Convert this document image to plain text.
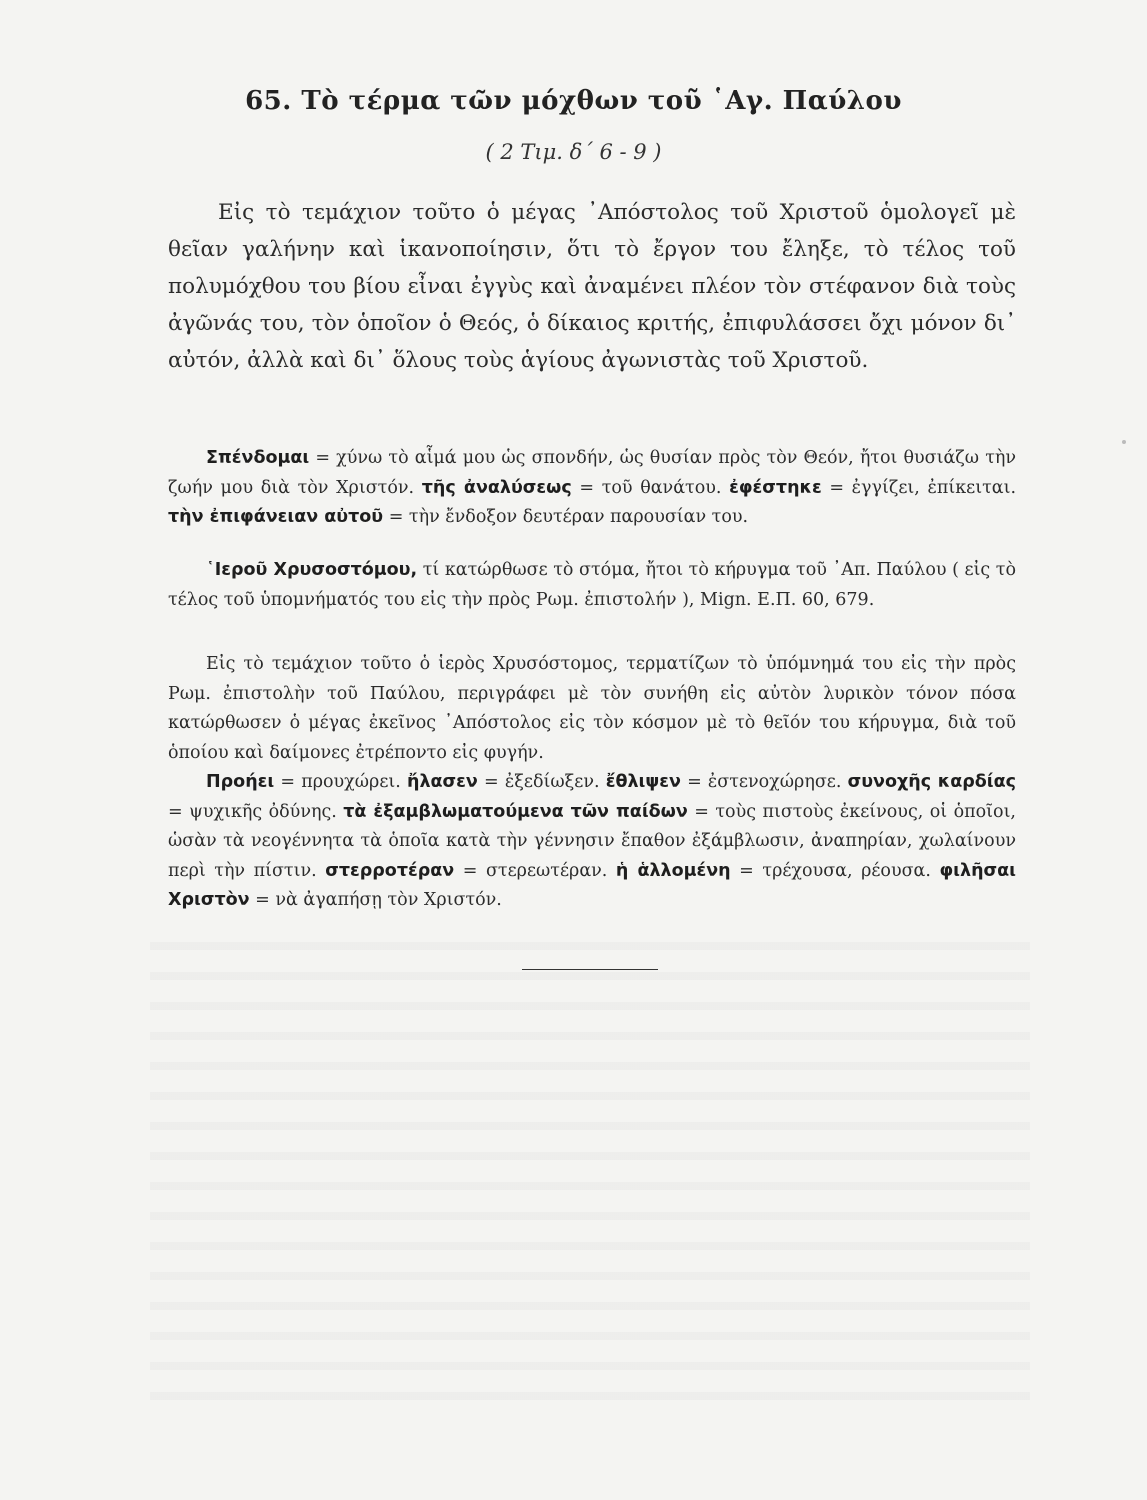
65. Τὸ τέρμα τῶν μόχθων τοῦ ῾Αγ. Παύλου
( 2 Τιμ. δ΄ 6 - 9 )

Εἰς τὸ τεμάχιον τοῦτο ὁ μέγας ᾿Απόστολος τοῦ Χριστοῦ ὁμολογεῖ μὲ θεῖαν γαλήνην καὶ ἱκανοποίησιν, ὅτι τὸ ἔργον του ἔληξε, τὸ τέλος τοῦ πολυμόχθου του βίου εἶναι ἐγγὺς καὶ ἀναμένει πλέον τὸν στέφανον διὰ τοὺς ἀγῶνάς του, τὸν ὁποῖον ὁ Θεός, ὁ δίκαιος κριτής, ἐπιφυλάσσει ὄχι μόνον δι᾿ αὐτόν, ἀλλὰ καὶ δι᾿ ὅλους τοὺς ἁγίους ἀγωνιστὰς τοῦ Χριστοῦ.

Σπένδομαι = χύνω τὸ αἷμά μου ὡς σπονδήν, ὡς θυσίαν πρὸς τὸν Θεόν, ἤτοι θυσιάζω τὴν ζωήν μου διὰ τὸν Χριστόν. τῆς ἀναλύσεως = τοῦ θανάτου. ἐφέστηκε = ἐγγίζει, ἐπίκειται. τὴν ἐπιφάνειαν αὐτοῦ = τὴν ἔνδοξον δευτέραν παρουσίαν του.

῾Ιεροῦ Χρυσοστόμου, τί κατώρθωσε τὸ στόμα, ἤτοι τὸ κήρυγμα τοῦ ᾿Απ. Παύλου ( εἰς τὸ τέλος τοῦ ὑπομνήματός του εἰς τὴν πρὸς Ρωμ. ἐπιστολήν ), Mign. E.Π. 60, 679.

Εἰς τὸ τεμάχιον τοῦτο ὁ ἱερὸς Χρυσόστομος, τερματίζων τὸ ὑπόμνημά του εἰς τὴν πρὸς Ρωμ. ἐπιστολὴν τοῦ Παύλου, περιγράφει μὲ τὸν συνήθη εἰς αὐτὸν λυρικὸν τόνον πόσα κατώρθωσεν ὁ μέγας ἐκεῖνος ᾿Απόστολος εἰς τὸν κόσμον μὲ τὸ θεῖόν του κήρυγμα, διὰ τοῦ ὁποίου καὶ δαίμονες ἐτρέποντο εἰς φυγήν.

Προήει = προυχώρει. ἤλασεν = ἐξεδίωξεν. ἔθλιψεν = ἐστενοχώρησε. συνοχῆς καρδίας = ψυχικῆς ὀδύνης. τὰ ἐξαμβλωματούμενα τῶν παίδων = τοὺς πιστοὺς ἐκείνους, οἱ ὁποῖοι, ὡσὰν τὰ νεογέννητα τὰ ὁποῖα κατὰ τὴν γέννησιν ἔπαθον ἐξάμβλωσιν, ἀναπηρίαν, χωλαίνουν περὶ τὴν πίστιν. στερροτέραν = στερεωτέραν. ἡ ἁλλομένη = τρέχουσα, ρέουσα. φιλῆσαι Χριστὸν = νὰ ἀγαπήσῃ τὸν Χριστόν.
